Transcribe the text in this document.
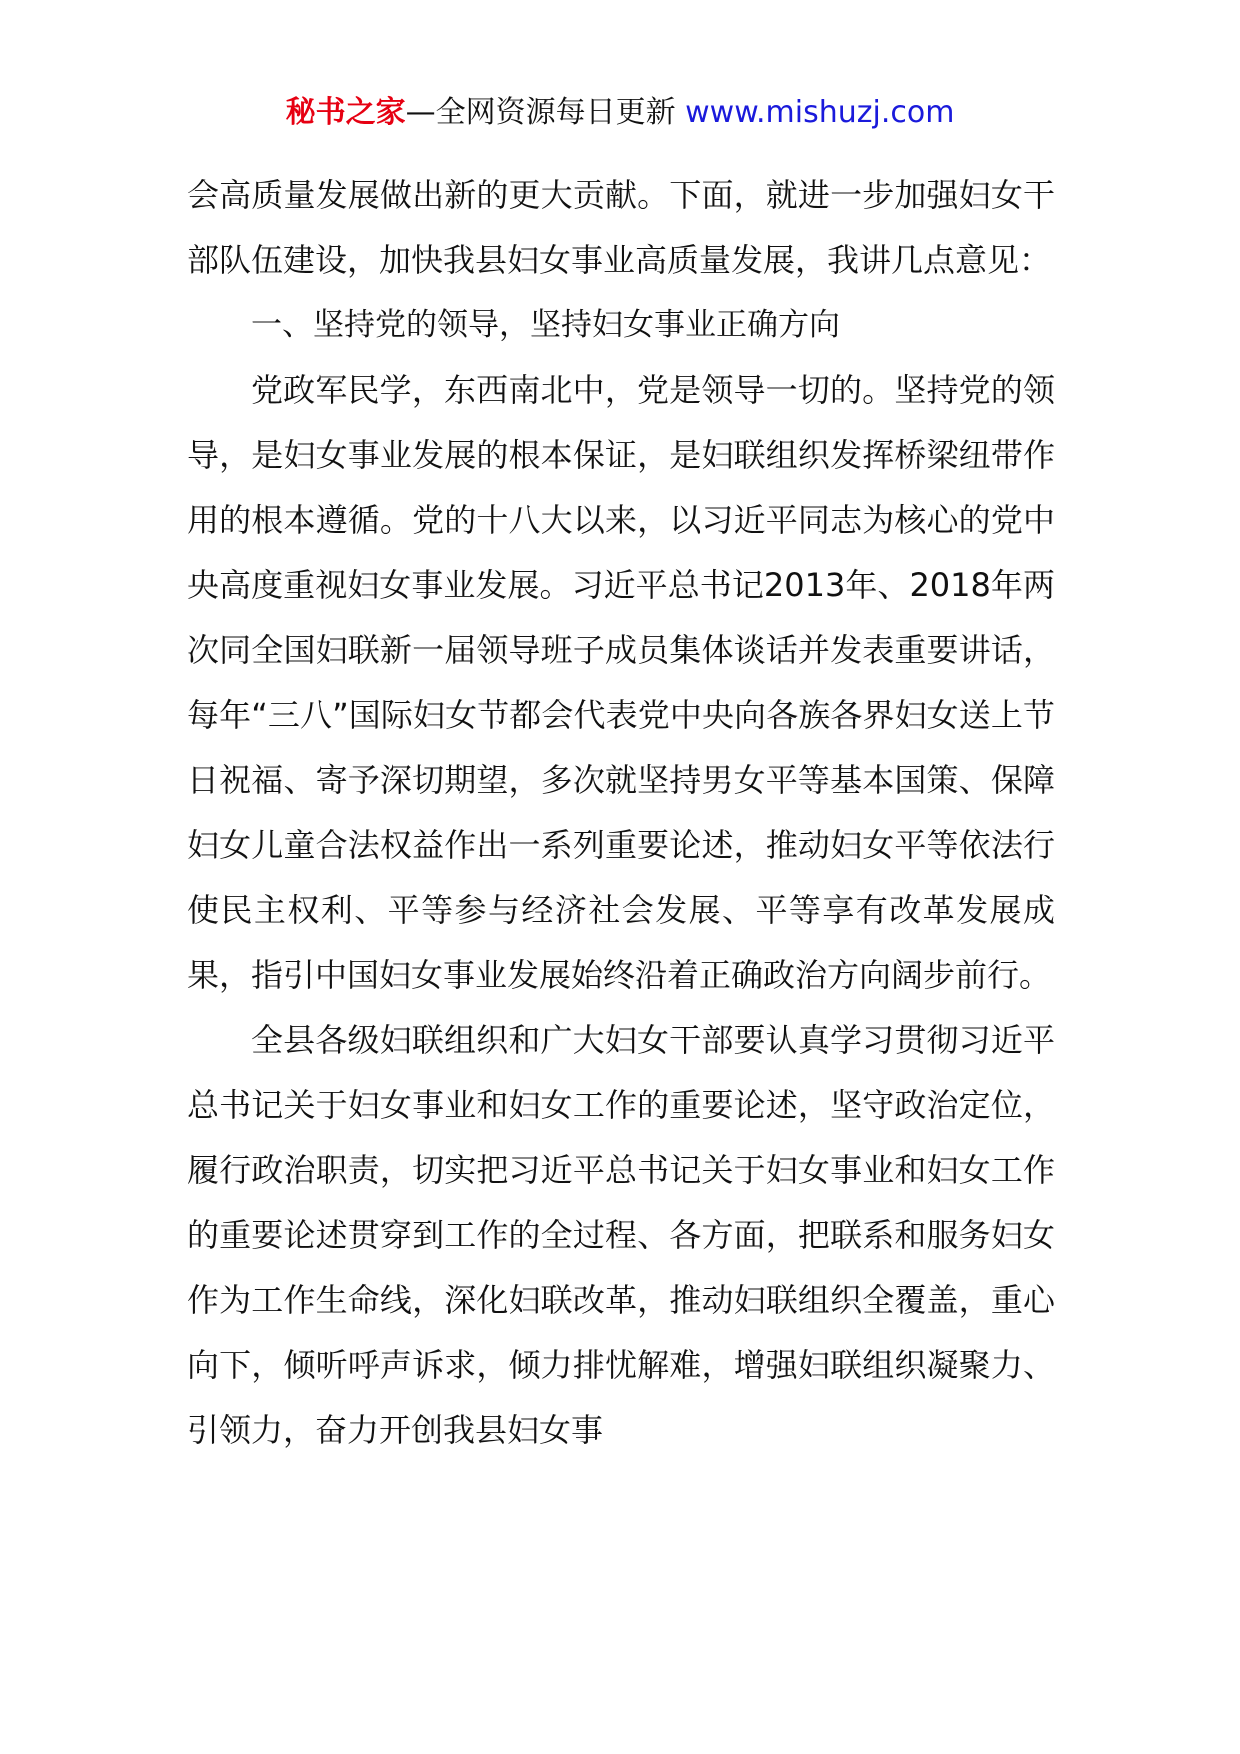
秘书之家—全网资源每日更新 www.mishuzj.com

会高质量发展做出新的更大贡献。下面，就进一步加强妇女干部队伍建设，加快我县妇女事业高质量发展，我讲几点意见：

一、坚持党的领导，坚持妇女事业正确方向

党政军民学，东西南北中，党是领导一切的。坚持党的领导，是妇女事业发展的根本保证，是妇联组织发挥桥梁纽带作用的根本遵循。党的十八大以来，以习近平同志为核心的党中央高度重视妇女事业发展。习近平总书记2013年、2018年两次同全国妇联新一届领导班子成员集体谈话并发表重要讲话，每年“三八”国际妇女节都会代表党中央向各族各界妇女送上节日祝福、寄予深切期望，多次就坚持男女平等基本国策、保障妇女儿童合法权益作出一系列重要论述，推动妇女平等依法行使民主权利、平等参与经济社会发展、平等享有改革发展成果，指引中国妇女事业发展始终沿着正确政治方向阔步前行。

全县各级妇联组织和广大妇女干部要认真学习贯彻习近平总书记关于妇女事业和妇女工作的重要论述，坚守政治定位，履行政治职责，切实把习近平总书记关于妇女事业和妇女工作的重要论述贯穿到工作的全过程、各方面，把联系和服务妇女作为工作生命线，深化妇联改革，推动妇联组织全覆盖，重心向下，倾听呼声诉求，倾力排忧解难，增强妇联组织凝聚力、引领力，奋力开创我县妇女事
